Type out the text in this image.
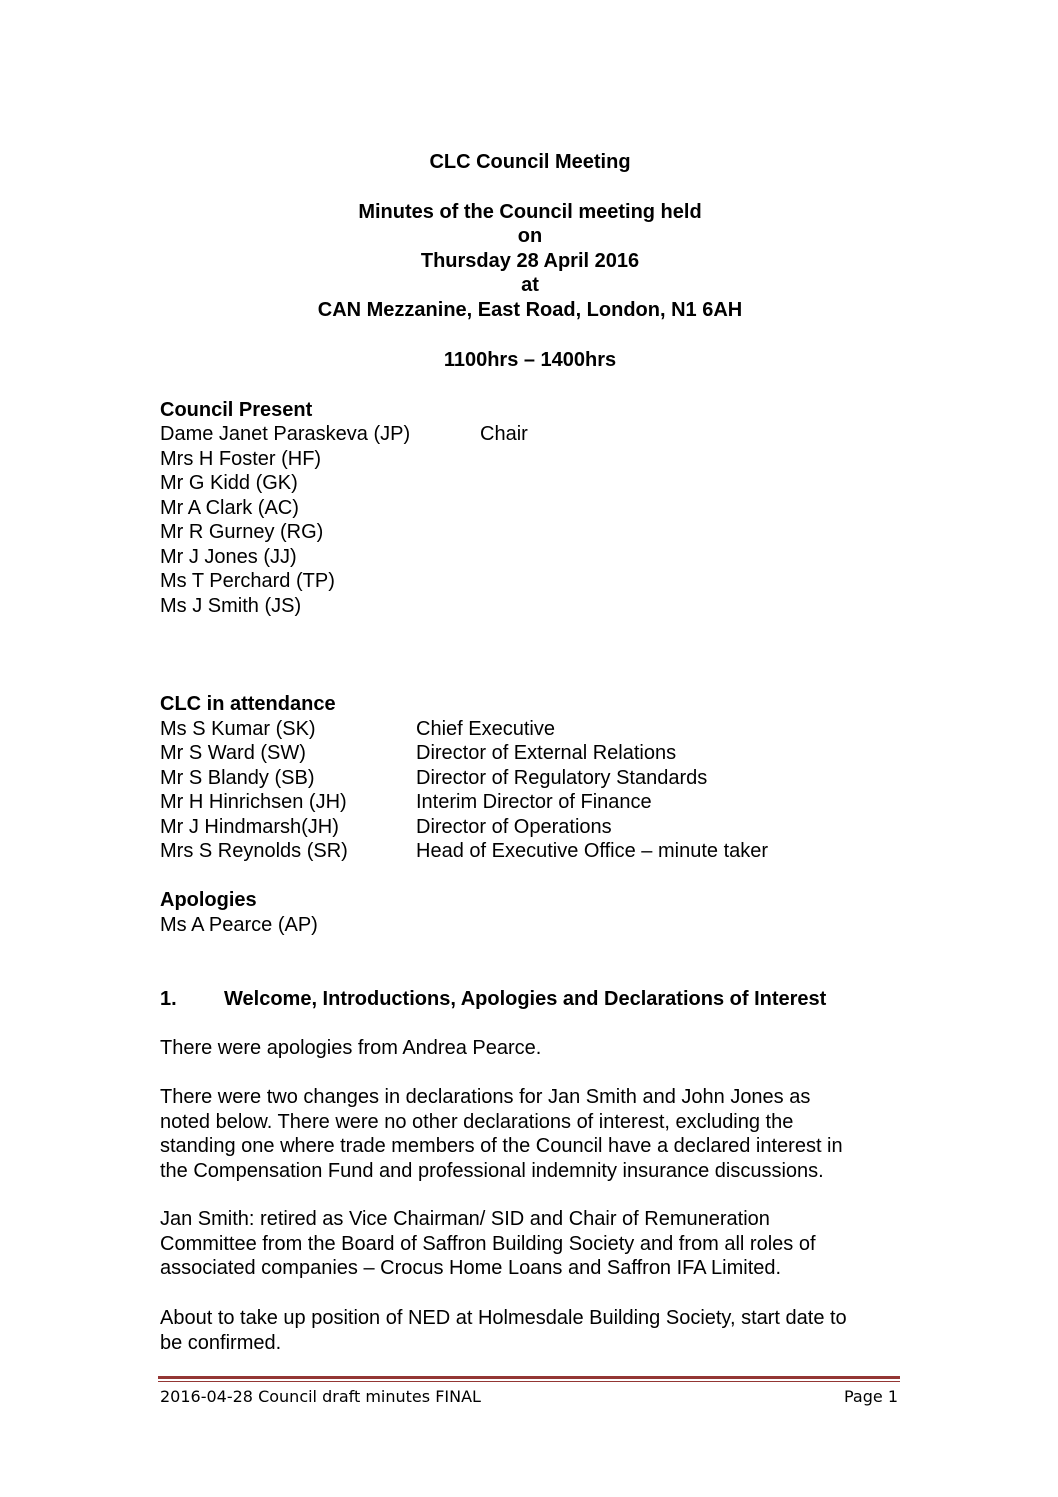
CLC Council Meeting
Minutes of the Council meeting held
on
Thursday 28 April 2016
at
CAN Mezzanine, East Road, London, N1 6AH
1100hrs – 1400hrs
Council Present
Dame Janet Paraskeva (JP)	Chair
Mrs H Foster (HF)
Mr G Kidd (GK)
Mr A Clark (AC)
Mr R Gurney (RG)
Mr J Jones (JJ)
Ms T Perchard (TP)
Ms J Smith (JS)
CLC in attendance
Ms S Kumar (SK)	Chief Executive
Mr S Ward (SW)	Director of External Relations
Mr S Blandy (SB)	Director of Regulatory Standards
Mr H Hinrichsen (JH)	Interim Director of Finance
Mr J Hindmarsh(JH)	Director of Operations
Mrs S Reynolds (SR)	Head of Executive Office – minute taker
Apologies
Ms A Pearce (AP)
1. Welcome, Introductions, Apologies and Declarations of Interest
There were apologies from Andrea Pearce.
There were two changes in declarations for Jan Smith and John Jones as
noted below. There were no other declarations of interest, excluding the
standing one where trade members of the Council have a declared interest in
the Compensation Fund and professional indemnity insurance discussions.
Jan Smith: retired as Vice Chairman/ SID and Chair of Remuneration
Committee from the Board of Saffron Building Society and from all roles of
associated companies – Crocus Home Loans and Saffron IFA Limited.
About to take up position of NED at Holmesdale Building Society, start date to
be confirmed.
2016-04-28 Council draft minutes FINAL	Page 1
